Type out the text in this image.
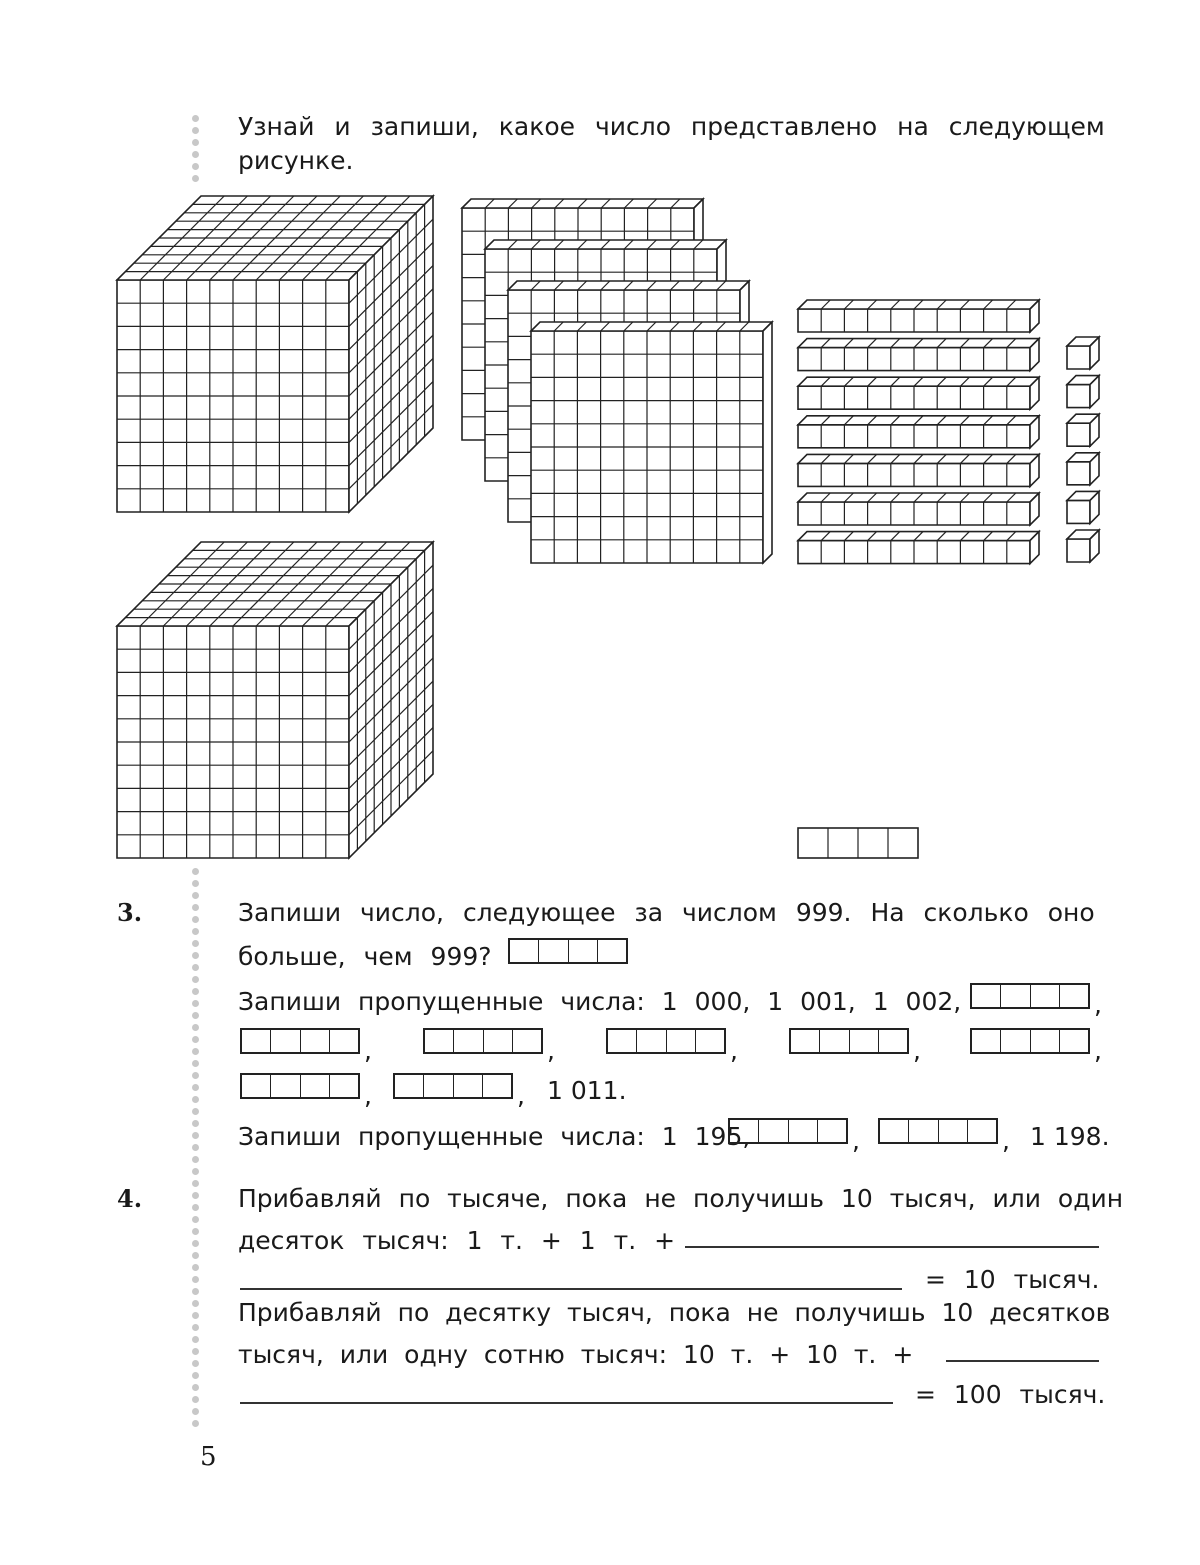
Узнай и запиши, какое число представлено на следующем
рисунке.
3.	Запиши число, следующее за числом 999. На сколько оно
больше, чем 999?
Запиши пропущенные числа: 1 000, 1 001, 1 002,	,
,	,	,	,	,
,	, 1 011.
Запиши пропущенные числа: 1 195,	,	, 1 198.
4.	Прибавляй по тысяче, пока не получишь 10 тысяч, или один
десяток тысяч: 1 т. + 1 т. +
= 10 тысяч.
Прибавляй по десятку тысяч, пока не получишь 10 десятков
тысяч, или одну сотню тысяч: 10 т. + 10 т. +
= 100 тысяч.
5
